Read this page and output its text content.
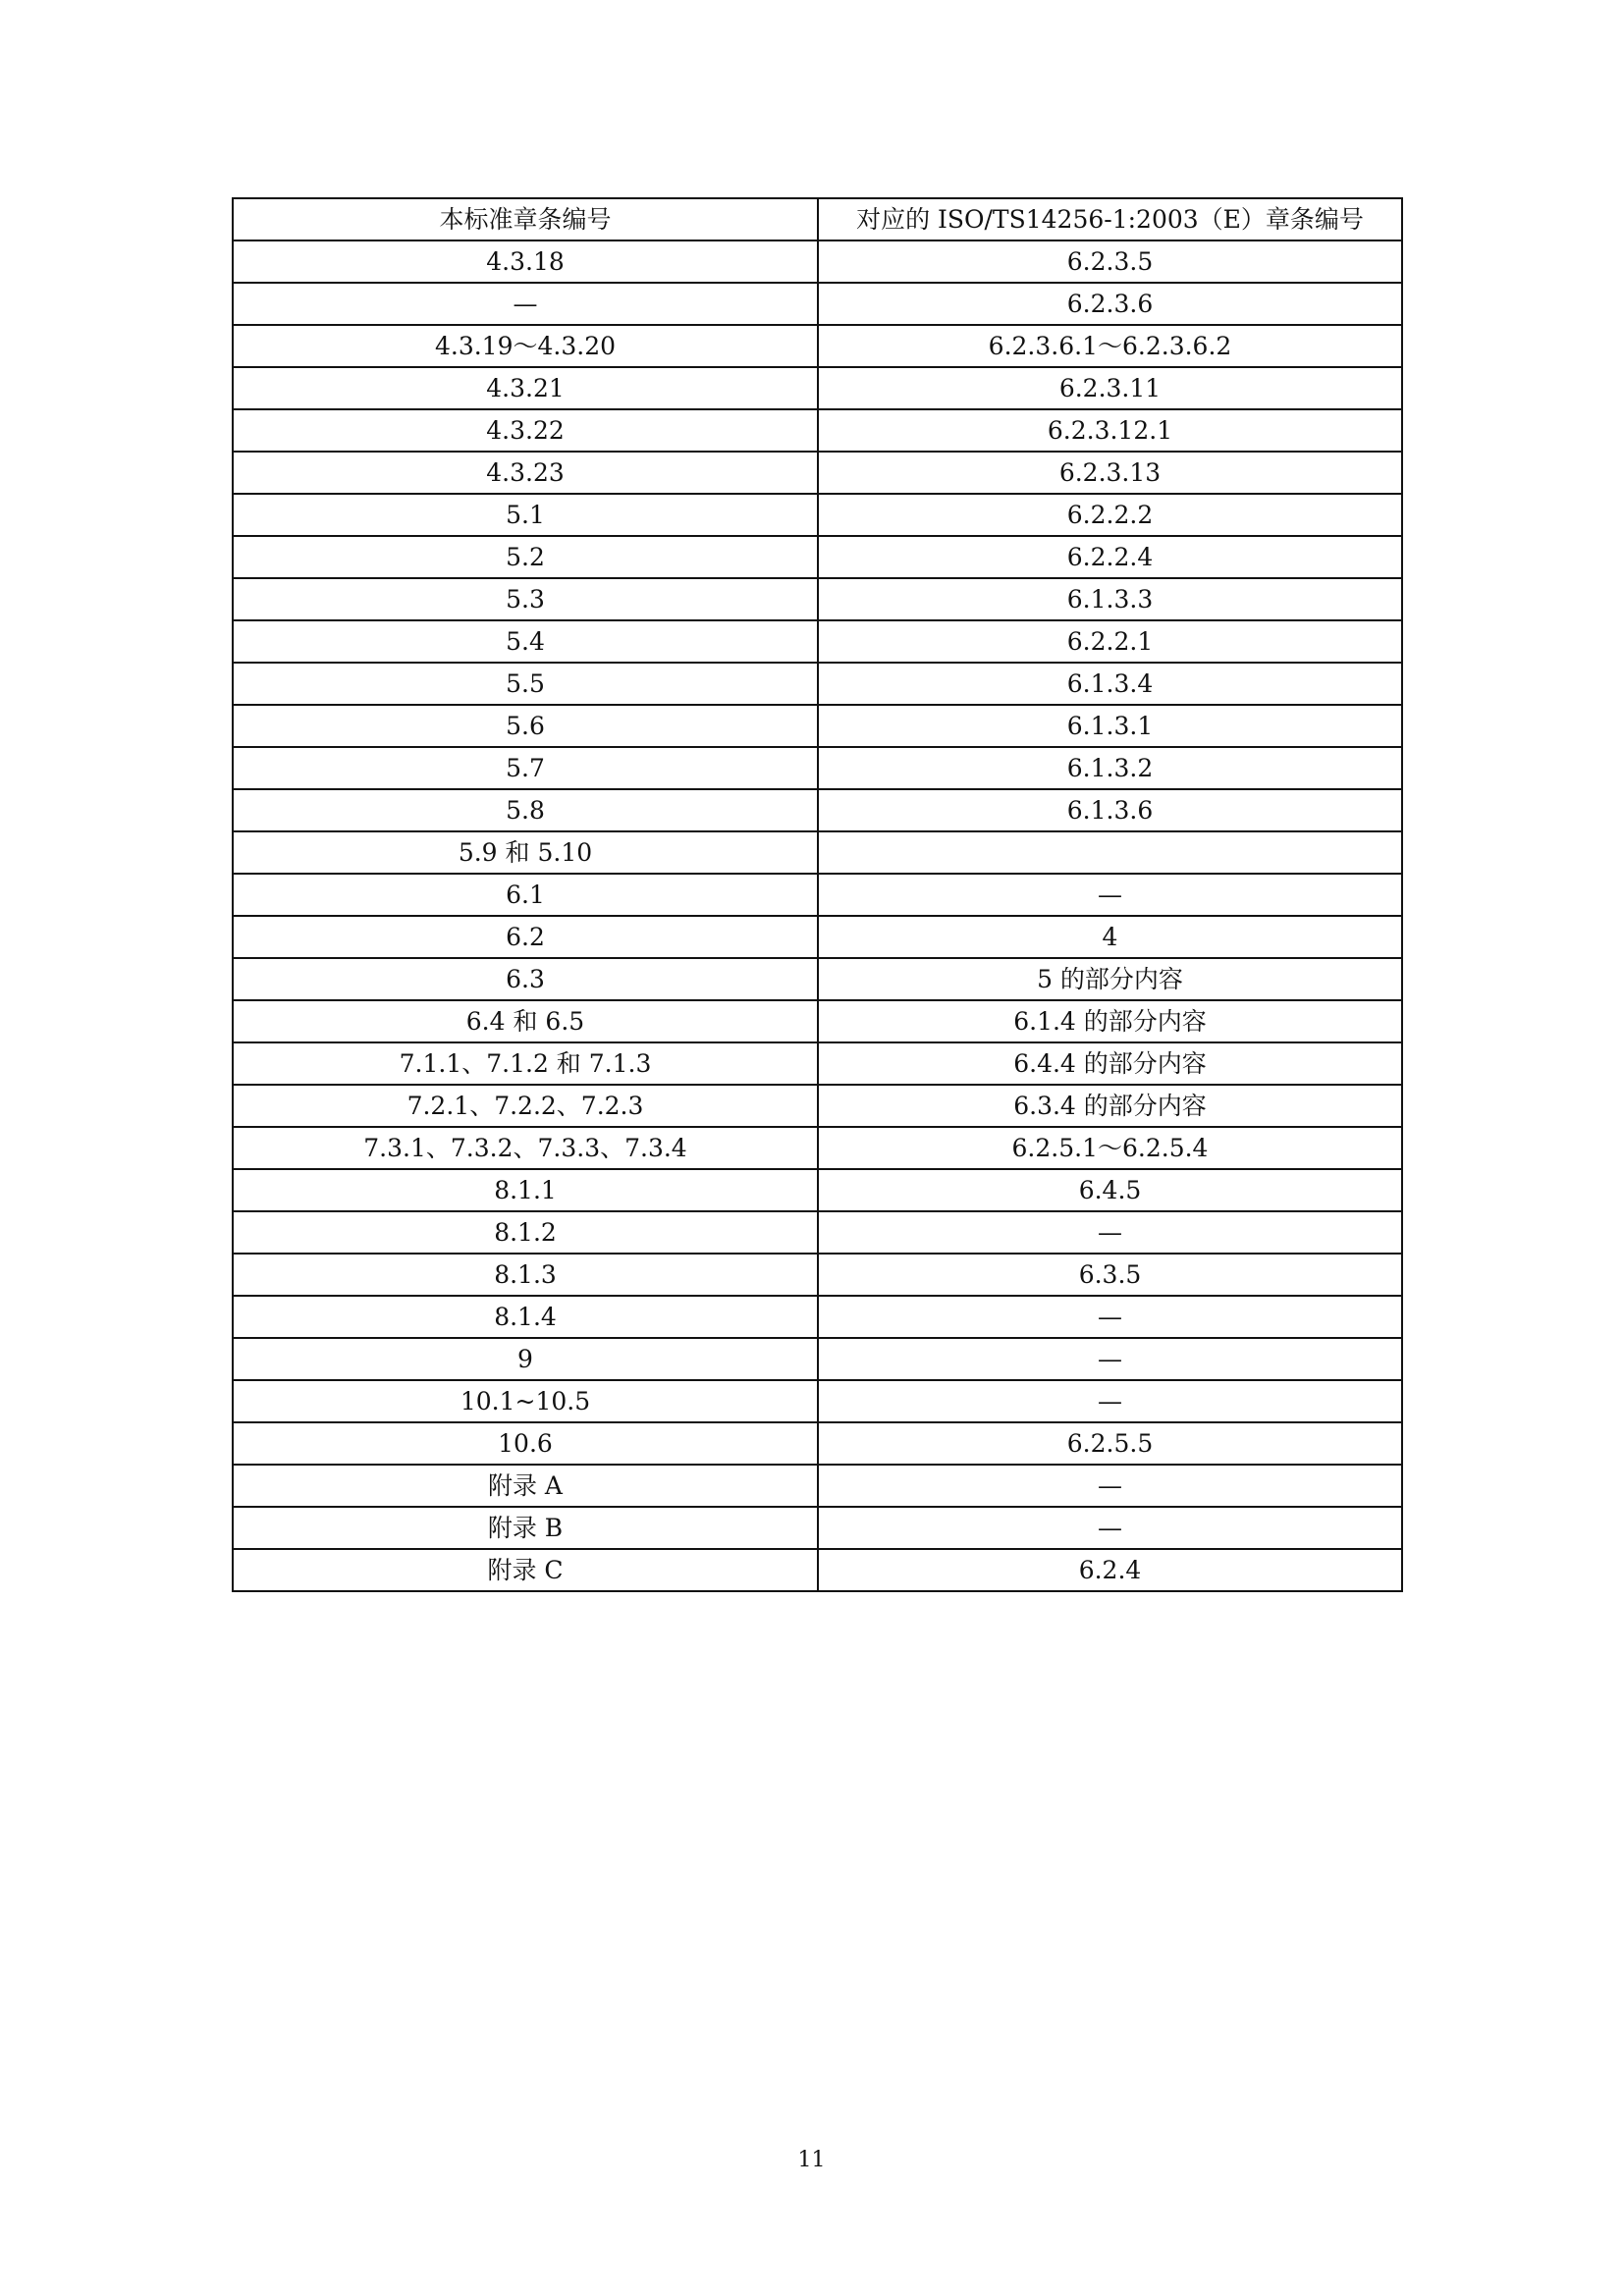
本标准章条编号	对应的 ISO/TS14256-1:2003（E）章条编号
4.3.18	6.2.3.5
—	6.2.3.6
4.3.19～4.3.20	6.2.3.6.1～6.2.3.6.2
4.3.21	6.2.3.11
4.3.22	6.2.3.12.1
4.3.23	6.2.3.13
5.1	6.2.2.2
5.2	6.2.2.4
5.3	6.1.3.3
5.4	6.2.2.1
5.5	6.1.3.4
5.6	6.1.3.1
5.7	6.1.3.2
5.8	6.1.3.6
5.9 和 5.10	
6.1	—
6.2	4
6.3	5 的部分内容
6.4 和 6.5	6.1.4 的部分内容
7.1.1、7.1.2 和 7.1.3	6.4.4 的部分内容
7.2.1、7.2.2、7.2.3	6.3.4 的部分内容
7.3.1、7.3.2、7.3.3、7.3.4	6.2.5.1～6.2.5.4
8.1.1	6.4.5
8.1.2	—
8.1.3	6.3.5
8.1.4	—
9	—
10.1~10.5	—
10.6	6.2.5.5
附录 A	—
附录 B	—
附录 C	6.2.4
11
